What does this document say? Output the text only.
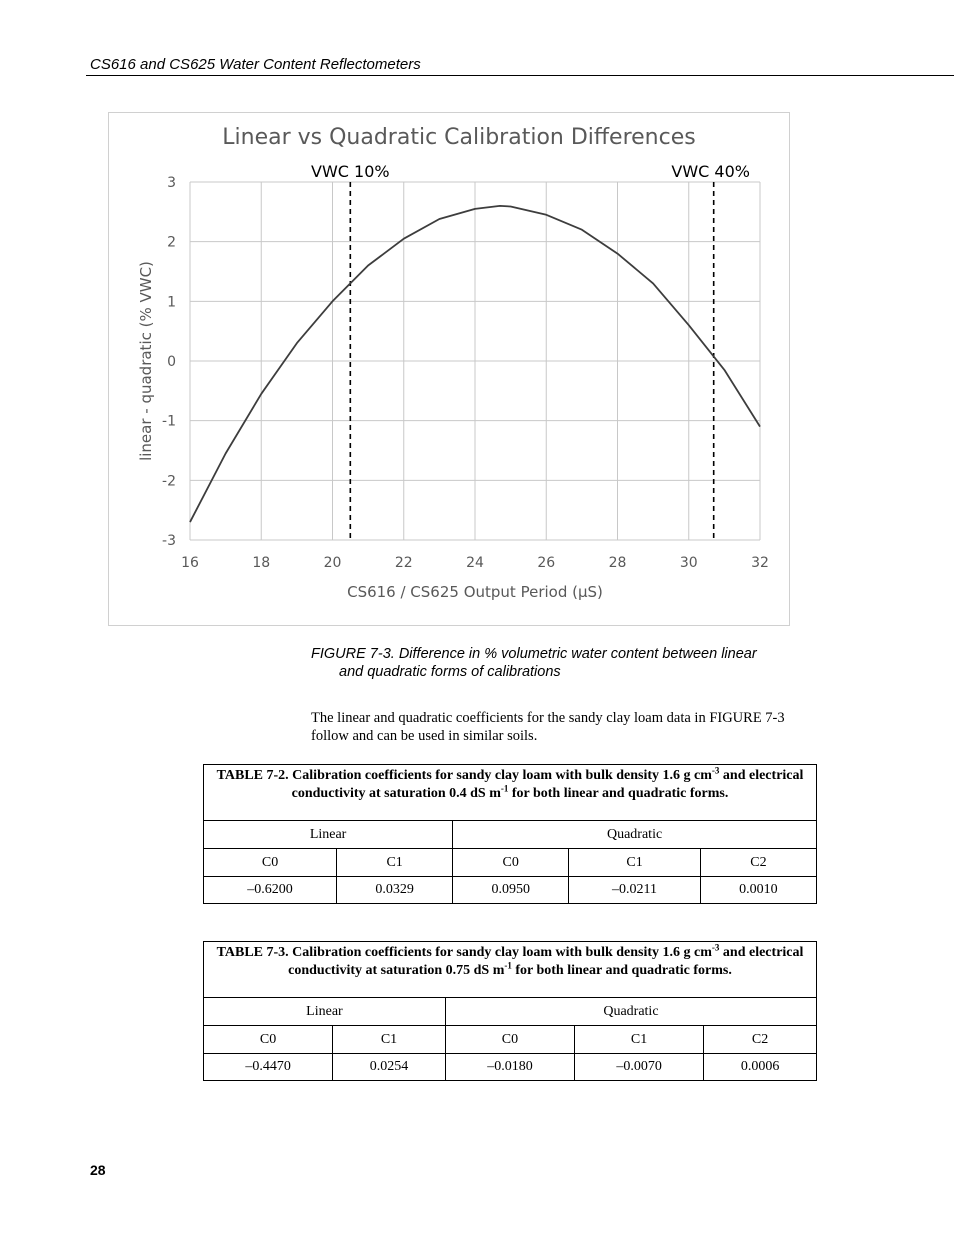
CS616 and CS625 Water Content Reflectometers
Linear vs Quadratic Calibration Differences
VWC 10%	VWC 40%
16	18	20	22	24	26	28	30	32
-3
-2
-1
0
1
2
3
CS616 / CS625 Output Period (µS)
linear - quadratic (% VWC)
FIGURE 7-3. Difference in % volumetric water content between linear
and quadratic forms of calibrations
The linear and quadratic coefficients for the sandy clay loam data in FIGURE 7-3 follow and can be used in similar soils.
TABLE 7-2. Calibration coefficients for sandy clay loam with bulk density 1.6 g $cm^{-3}$ and electrical conductivity at saturation 0.4 dS $m^{-1}$ for both linear and quadratic forms.				
Linear		Quadratic		
C0	C1	C0	C1	C2
–0.6200	0.0329	0.0950	–0.0211	0.0010
TABLE 7-3. Calibration coefficients for sandy clay loam with bulk density 1.6 g $cm^{-3}$ and electrical conductivity at saturation 0.75 dS $m^{-1}$ for both linear and quadratic forms.				
Linear		Quadratic		
C0	C1	C0	C1	C2
–0.4470	0.0254	–0.0180	–0.0070	0.0006
28
